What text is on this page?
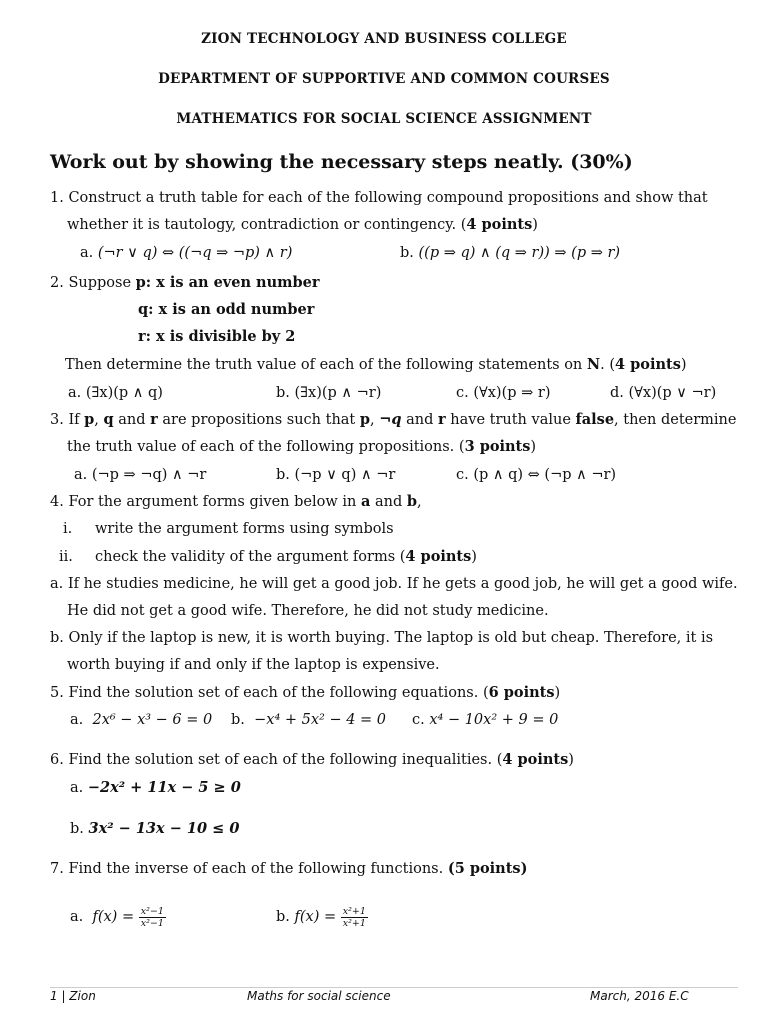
ZION TECHNOLOGY AND BUSINESS COLLEGE
DEPARTMENT OF SUPPORTIVE AND COMMON COURSES
MATHEMATICS FOR SOCIAL SCIENCE ASSIGNMENT
Work out by showing the necessary steps neatly. (30%)
1. Construct a truth table for each of the following compound propositions and show that
whether it is tautology, contradiction or contingency. (4 points)
a. (¬r ∨ q) ⇔ ((¬q ⇒ ¬p) ∧ r)	b. ((p ⇒ q) ∧ (q ⇒ r)) ⇒ (p ⇒ r)
2. Suppose p: x is an even number
q: x is an odd number
r: x is divisible by 2
Then determine the truth value of each of the following statements on N. (4 points)
a. (∃x)(p ∧ q)	b. (∃x)(p ∧ ¬r)	c. (∀x)(p ⇒ r)	d. (∀x)(p ∨ ¬r)
3. If p, q and r are propositions such that p, ¬q and r have truth value false, then determine
the truth value of each of the following propositions. (3 points)
a. (¬p ⇒ ¬q) ∧ ¬r	b. (¬p ∨ q) ∧ ¬r	c. (p ∧ q) ⇔ (¬p ∧ ¬r)
4. For the argument forms given below in a and b,
i. write the argument forms using symbols
ii. check the validity of the argument forms (4 points)
a. If he studies medicine, he will get a good job. If he gets a good job, he will get a good wife.
He did not get a good wife. Therefore, he did not study medicine.
b. Only if the laptop is new, it is worth buying. The laptop is old but cheap. Therefore, it is
worth buying if and only if the laptop is expensive.
5. Find the solution set of each of the following equations. (6 points)
a. 2x⁶ − x³ − 6 = 0 b. −x⁴ + 5x² − 4 = 0 c. x⁴ − 10x² + 9 = 0
6. Find the solution set of each of the following inequalities. (4 points)
a. −2x² + 11x − 5 ≥ 0
b. 3x² − 13x − 10 ≤ 0
7. Find the inverse of each of the following functions. (5 points)
a. $f(x) = \frac{\text{x²−1}}{\text{x²−1}}$	b. $f(x) = \frac{\text{x²+1}}{\text{x²+1}}$
1 | Zion	Maths for social science	March, 2016 E.C
